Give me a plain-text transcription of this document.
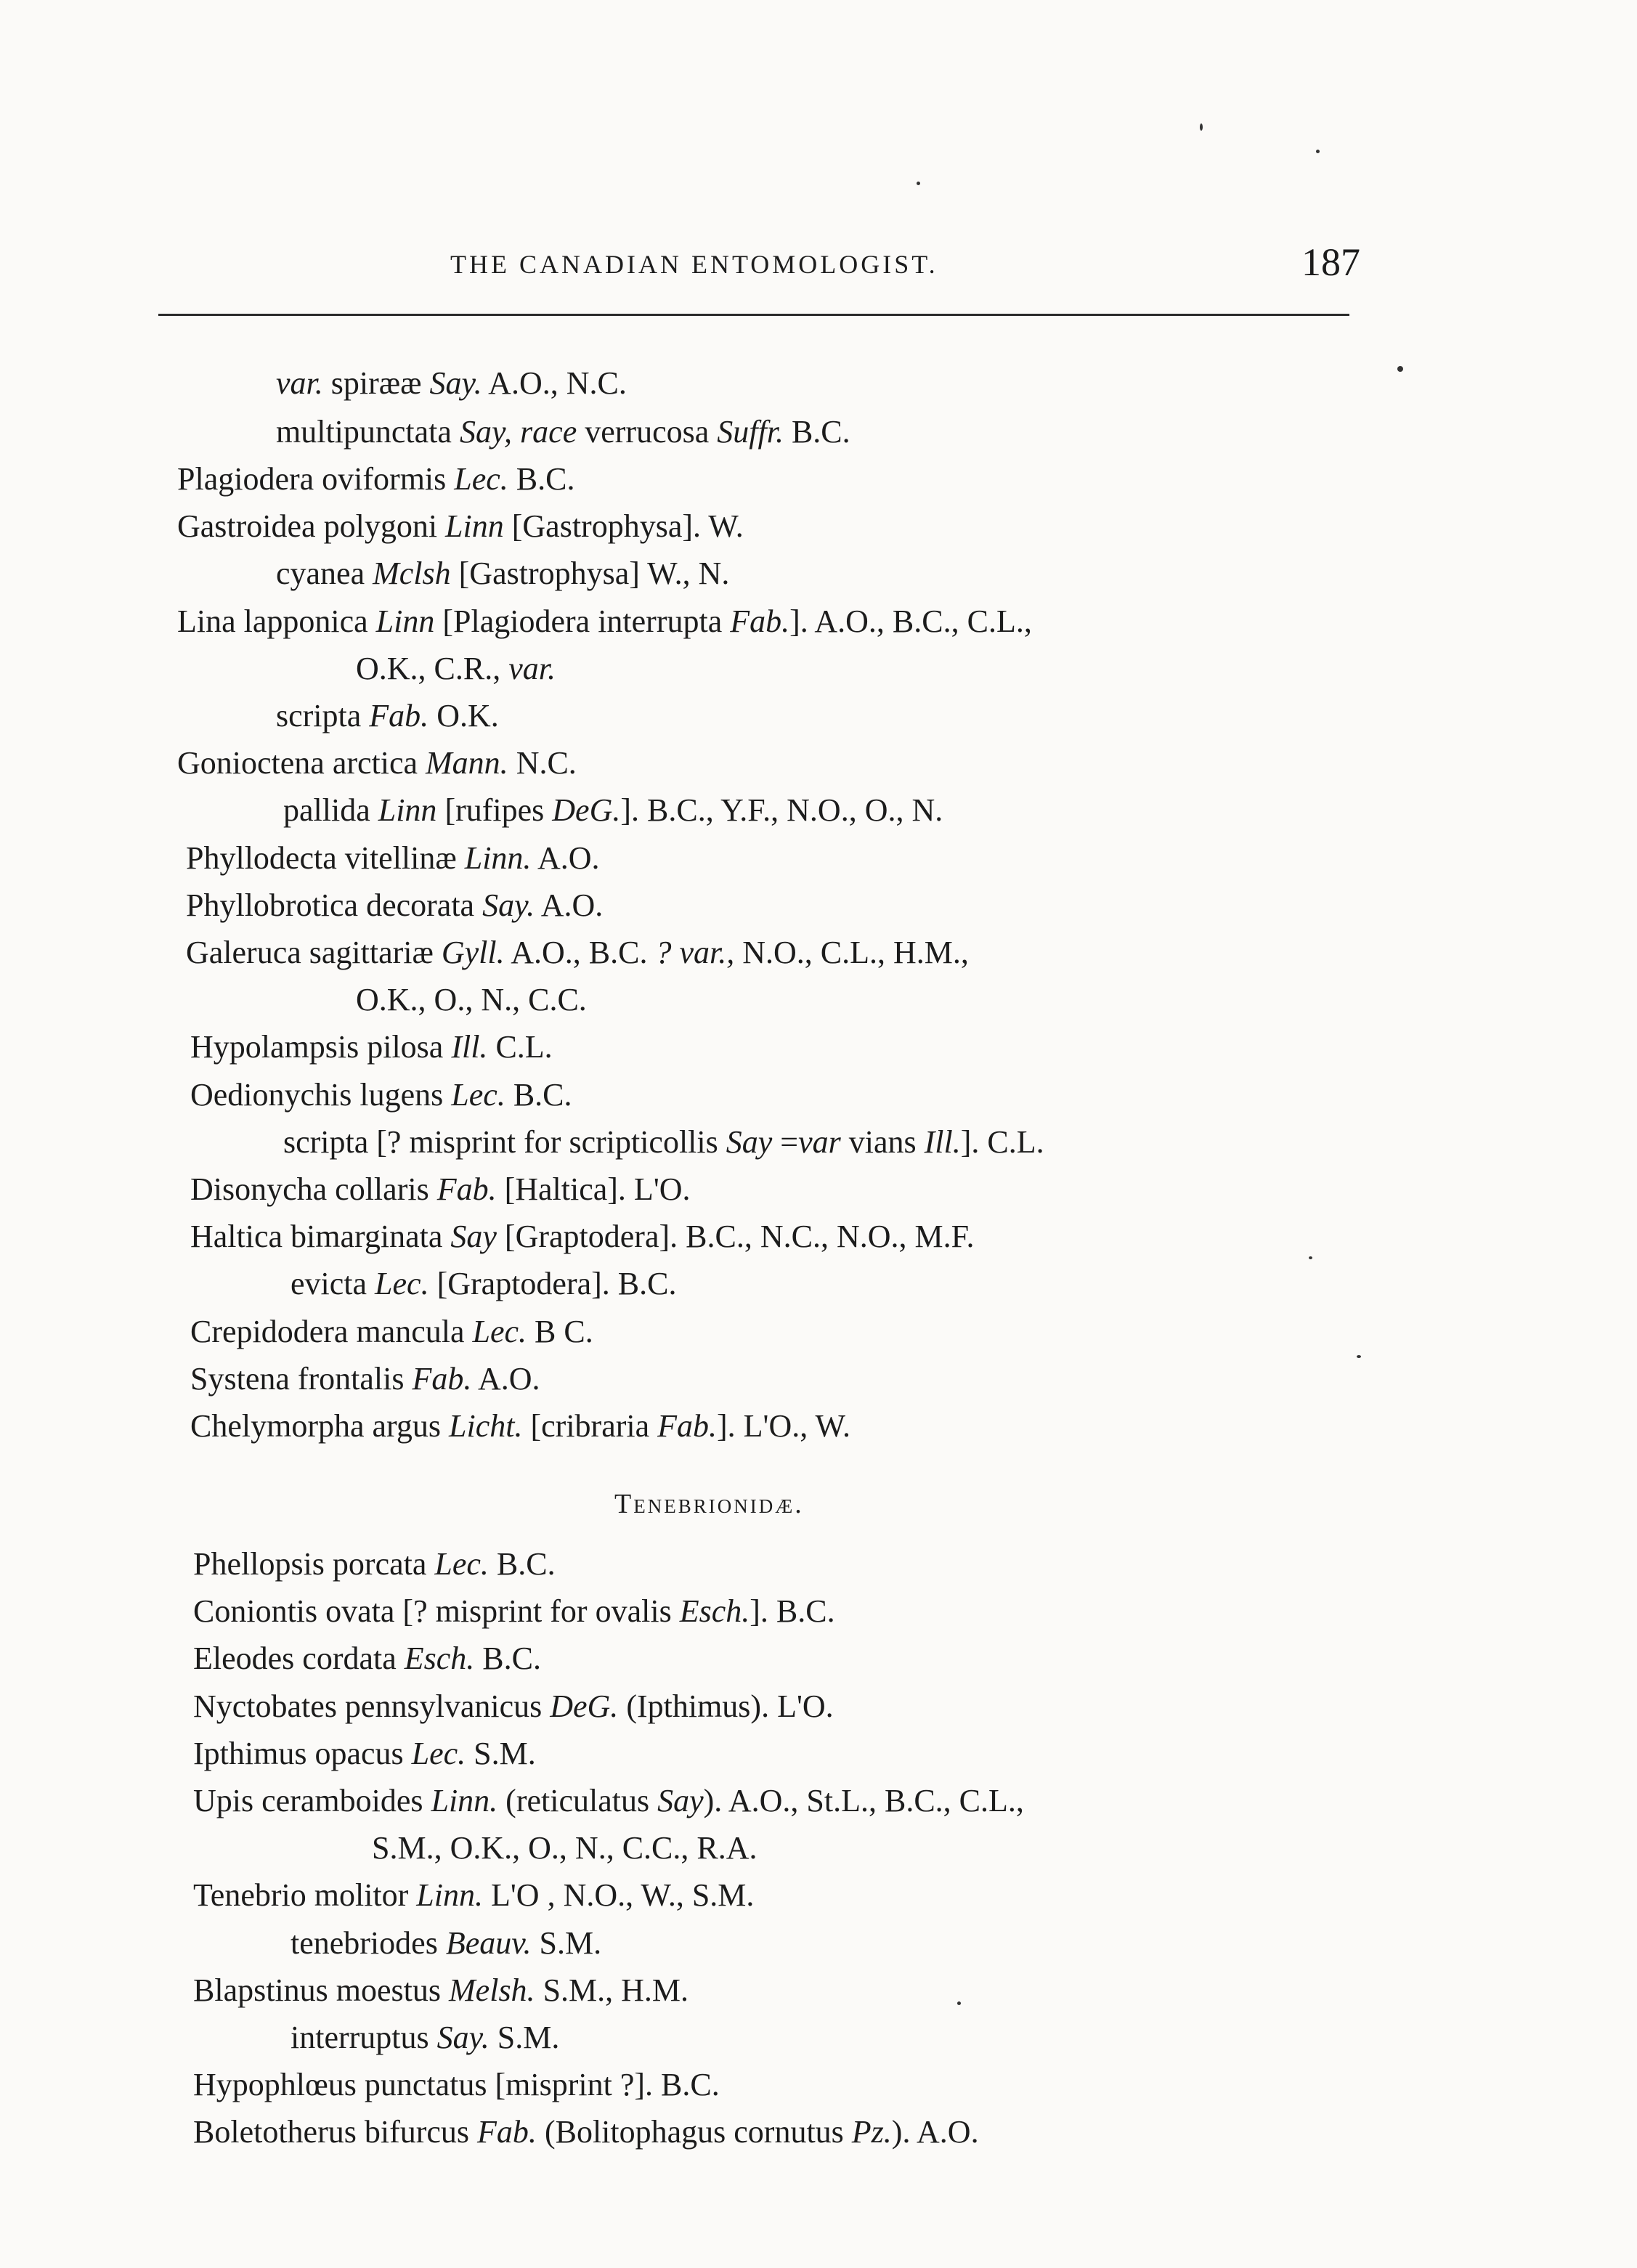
THE CANADIAN ENTOMOLOGIST.	187
var. spirææ Say. A.O., N.C.
multipunctata Say, race verrucosa Suffr. B.C.
Plagiodera oviformis Lec. B.C.
Gastroidea polygoni Linn [Gastrophysa]. W.
cyanea Mclsh [Gastrophysa] W., N.
Lina lapponica Linn [Plagiodera interrupta Fab.]. A.O., B.C., C.L.,
O.K., C.R., var.
scripta Fab. O.K.
Gonioctena arctica Mann. N.C.
pallida Linn [rufipes DeG.]. B.C., Y.F., N.O., O., N.
Phyllodecta vitellinæ Linn. A.O.
Phyllobrotica decorata Say. A.O.
Galeruca sagittariæ Gyll. A.O., B.C. ? var., N.O., C.L., H.M.,
O.K., O., N., C.C.
Hypolampsis pilosa Ill. C.L.
Oedionychis lugens Lec. B.C.
scripta [? misprint for scripticollis Say =var vians Ill.]. C.L.
Disonycha collaris Fab. [Haltica]. L'O.
Haltica bimarginata Say [Graptodera]. B.C., N.C., N.O., M.F.
evicta Lec. [Graptodera]. B.C.
Crepidodera mancula Lec. B C.
Systena frontalis Fab. A.O.
Chelymorpha argus Licht. [cribraria Fab.]. L'O., W.
Tenebrionidæ.
Phellopsis porcata Lec. B.C.
Coniontis ovata [? misprint for ovalis Esch.]. B.C.
Eleodes cordata Esch. B.C.
Nyctobates pennsylvanicus DeG. (Ipthimus). L'O.
Ipthimus opacus Lec. S.M.
Upis ceramboides Linn. (reticulatus Say). A.O., St.L., B.C., C.L.,
S.M., O.K., O., N., C.C., R.A.
Tenebrio molitor Linn. L'O , N.O., W., S.M.
tenebriodes Beauv. S.M.
Blapstinus moestus Melsh. S.M., H.M.
interruptus Say. S.M.
Hypophlœus punctatus [misprint ?]. B.C.
Boletotherus bifurcus Fab. (Bolitophagus cornutus Pz.). A.O.
